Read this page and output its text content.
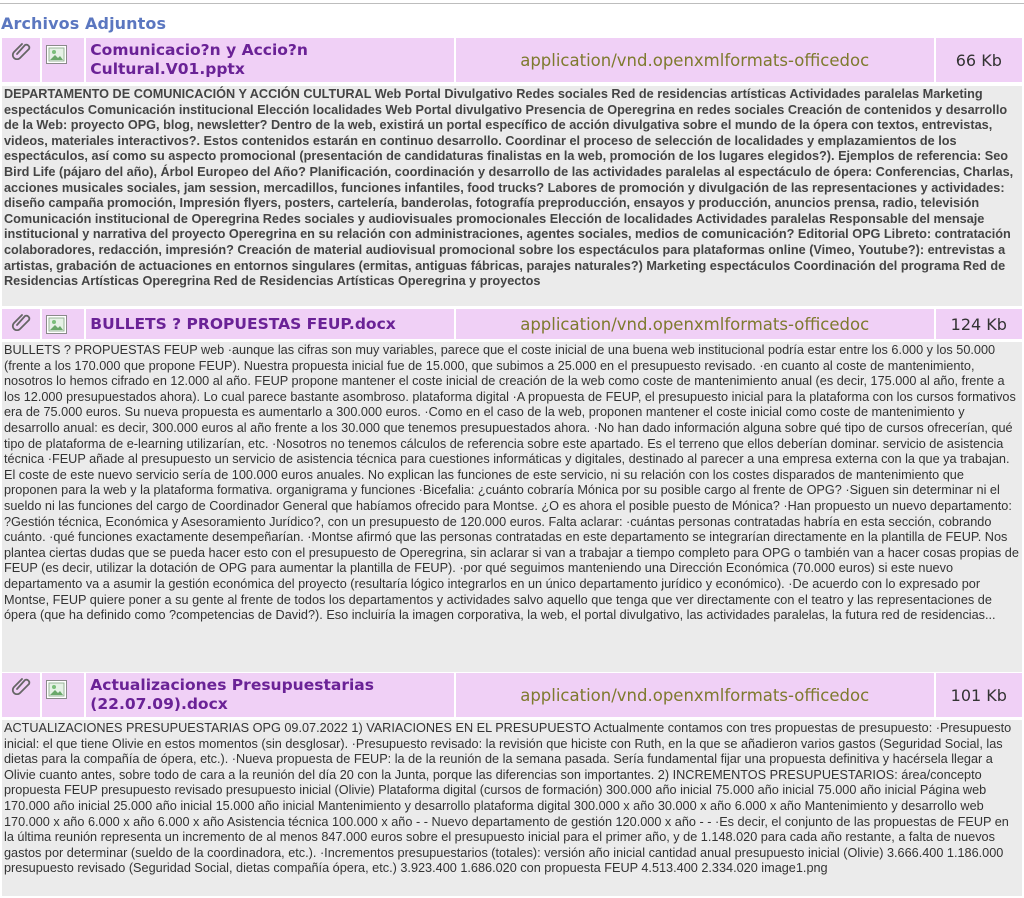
Archivos Adjuntos

	Comunicacio?n y Accio?n Cultural.V01.pptx	application/vnd.openxmlformats-officedoc	66 Kb
DEPARTAMENTO DE COMUNICACIÓN Y ACCIÓN CULTURAL Web Portal Divulgativo Redes sociales Red de residencias artísticas Actividades paralelas Marketing espectáculos Comunicación institucional Elección localidades Web Portal divulgativo Presencia de Operegrina en redes sociales Creación de contenidos y desarrollo de la Web: proyecto OPG, blog, newsletter? Dentro de la web, existirá un portal específico de acción divulgativa sobre el mundo de la ópera con textos, entrevistas, videos, materiales interactivos?. Estos contenidos estarán en continuo desarrollo. Coordinar el proceso de selección de localidades y emplazamientos de los espectáculos, así como su aspecto promocional (presentación de candidaturas finalistas en la web, promoción de los lugares elegidos?). Ejemplos de referencia: Seo Bird Life (pájaro del año), Árbol Europeo del Año? Planificación, coordinación y desarrollo de las actividades paralelas al espectáculo de ópera: Conferencias, Charlas, acciones musicales sociales, jam session, mercadillos, funciones infantiles, food trucks? Labores de promoción y divulgación de las representaciones y actividades: diseño campaña promoción, Impresión flyers, posters, cartelería, banderolas, fotografía preproducción, ensayos y producción, anuncios prensa, radio, televisión Comunicación institucional de Operegrina Redes sociales y audiovisuales promocionales Elección de localidades Actividades paralelas Responsable del mensaje institucional y narrativa del proyecto Operegrina en su relación con administraciones, agentes sociales, medios de comunicación? Editorial OPG Libreto: contratación colaboradores, redacción, impresión? Creación de material audiovisual promocional sobre los espectáculos para plataformas online (Vimeo, Youtube?): entrevistas a artistas, grabación de actuaciones en entornos singulares (ermitas, antiguas fábricas, parajes naturales?) Marketing espectáculos Coordinación del programa Red de Residencias Artísticas Operegrina Red de Residencias Artísticas Operegrina y proyectos

	BULLETS ? PROPUESTAS FEUP.docx	application/vnd.openxmlformats-officedoc	124 Kb
BULLETS ? PROPUESTAS FEUP web ·aunque las cifras son muy variables, parece que el coste inicial de una buena web institucional podría estar entre los 6.000 y los 50.000 (frente a los 170.000 que propone FEUP). Nuestra propuesta inicial fue de 15.000, que subimos a 25.000 en el presupuesto revisado. ·en cuanto al coste de mantenimiento, nosotros lo hemos cifrado en 12.000 al año. FEUP propone mantener el coste inicial de creación de la web como coste de mantenimiento anual (es decir, 175.000 al año, frente a los 12.000 presupuestados ahora). Lo cual parece bastante asombroso. plataforma digital ·A propuesta de FEUP, el presupuesto inicial para la plataforma con los cursos formativos era de 75.000 euros. Su nueva propuesta es aumentarlo a 300.000 euros. ·Como en el caso de la web, proponen mantener el coste inicial como coste de mantenimiento y desarrollo anual: es decir, 300.000 euros al año frente a los 30.000 que tenemos presupuestados ahora. ·No han dado información alguna sobre qué tipo de cursos ofrecerían, qué tipo de plataforma de e-learning utilizarían, etc. ·Nosotros no tenemos cálculos de referencia sobre este apartado. Es el terreno que ellos deberían dominar. servicio de asistencia técnica ·FEUP añade al presupuesto un servicio de asistencia técnica para cuestiones informáticas y digitales, destinado al parecer a una empresa externa con la que ya trabajan. El coste de este nuevo servicio sería de 100.000 euros anuales. No explican las funciones de este servicio, ni su relación con los costes disparados de mantenimiento que proponen para la web y la plataforma formativa. organigrama y funciones ·Bicefalia: ¿cuánto cobraría Mónica por su posible cargo al frente de OPG? ·Siguen sin determinar ni el sueldo ni las funciones del cargo de Coordinador General que habíamos ofrecido para Montse. ¿O es ahora el posible puesto de Mónica? ·Han propuesto un nuevo departamento: ?Gestión técnica, Económica y Asesoramiento Jurídico?, con un presupuesto de 120.000 euros. Falta aclarar: ·cuántas personas contratadas habría en esta sección, cobrando cuánto. ·qué funciones exactamente desempeñarían. ·Montse afirmó que las personas contratadas en este departamento se integrarían directamente en la plantilla de FEUP. Nos plantea ciertas dudas que se pueda hacer esto con el presupuesto de Operegrina, sin aclarar si van a trabajar a tiempo completo para OPG o también van a hacer cosas propias de FEUP (es decir, utilizar la dotación de OPG para aumentar la plantilla de FEUP). ·por qué seguimos manteniendo una Dirección Económica (70.000 euros) si este nuevo departamento va a asumir la gestión económica del proyecto (resultaría lógico integrarlos en un único departamento jurídico y económico). ·De acuerdo con lo expresado por Montse, FEUP quiere poner a su gente al frente de todos los departamentos y actividades salvo aquello que tenga que ver directamente con el teatro y las representaciones de ópera (que ha definido como ?competencias de David?). Eso incluiría la imagen corporativa, la web, el portal divulgativo, las actividades paralelas, la futura red de residencias...

	Actualizaciones Presupuestarias (22.07.09).docx	application/vnd.openxmlformats-officedoc	101 Kb
ACTUALIZACIONES PRESUPUESTARIAS OPG 09.07.2022 1) VARIACIONES EN EL PRESUPUESTO Actualmente contamos con tres propuestas de presupuesto: ·Presupuesto inicial: el que tiene Olivie en estos momentos (sin desglosar). ·Presupuesto revisado: la revisión que hiciste con Ruth, en la que se añadieron varios gastos (Seguridad Social, las dietas para la compañía de ópera, etc.). ·Nueva propuesta de FEUP: la de la reunión de la semana pasada. Sería fundamental fijar una propuesta definitiva y hacérsela llegar a Olivie cuanto antes, sobre todo de cara a la reunión del día 20 con la Junta, porque las diferencias son importantes. 2) INCREMENTOS PRESUPUESTARIOS: área/concepto propuesta FEUP presupuesto revisado presupuesto inicial (Olivie) Plataforma digital (cursos de formación) 300.000 año inicial 75.000 año inicial 75.000 año inicial Página web 170.000 año inicial 25.000 año inicial 15.000 año inicial Mantenimiento y desarrollo plataforma digital 300.000 x año 30.000 x año 6.000 x año Mantenimiento y desarrollo web 170.000 x año 6.000 x año 6.000 x año Asistencia técnica 100.000 x año - - Nuevo departamento de gestión 120.000 x año - - ·Es decir, el conjunto de las propuestas de FEUP en la última reunión representa un incremento de al menos 847.000 euros sobre el presupuesto inicial para el primer año, y de 1.148.020 para cada año restante, a falta de nuevos gastos por determinar (sueldo de la coordinadora, etc.). ·Incrementos presupuestarios (totales): versión año inicial cantidad anual presupuesto inicial (Olivie) 3.666.400 1.186.000 presupuesto revisado (Seguridad Social, dietas compañía ópera, etc.) 3.923.400 1.686.020 con propuesta FEUP 4.513.400 2.334.020 image1.png
